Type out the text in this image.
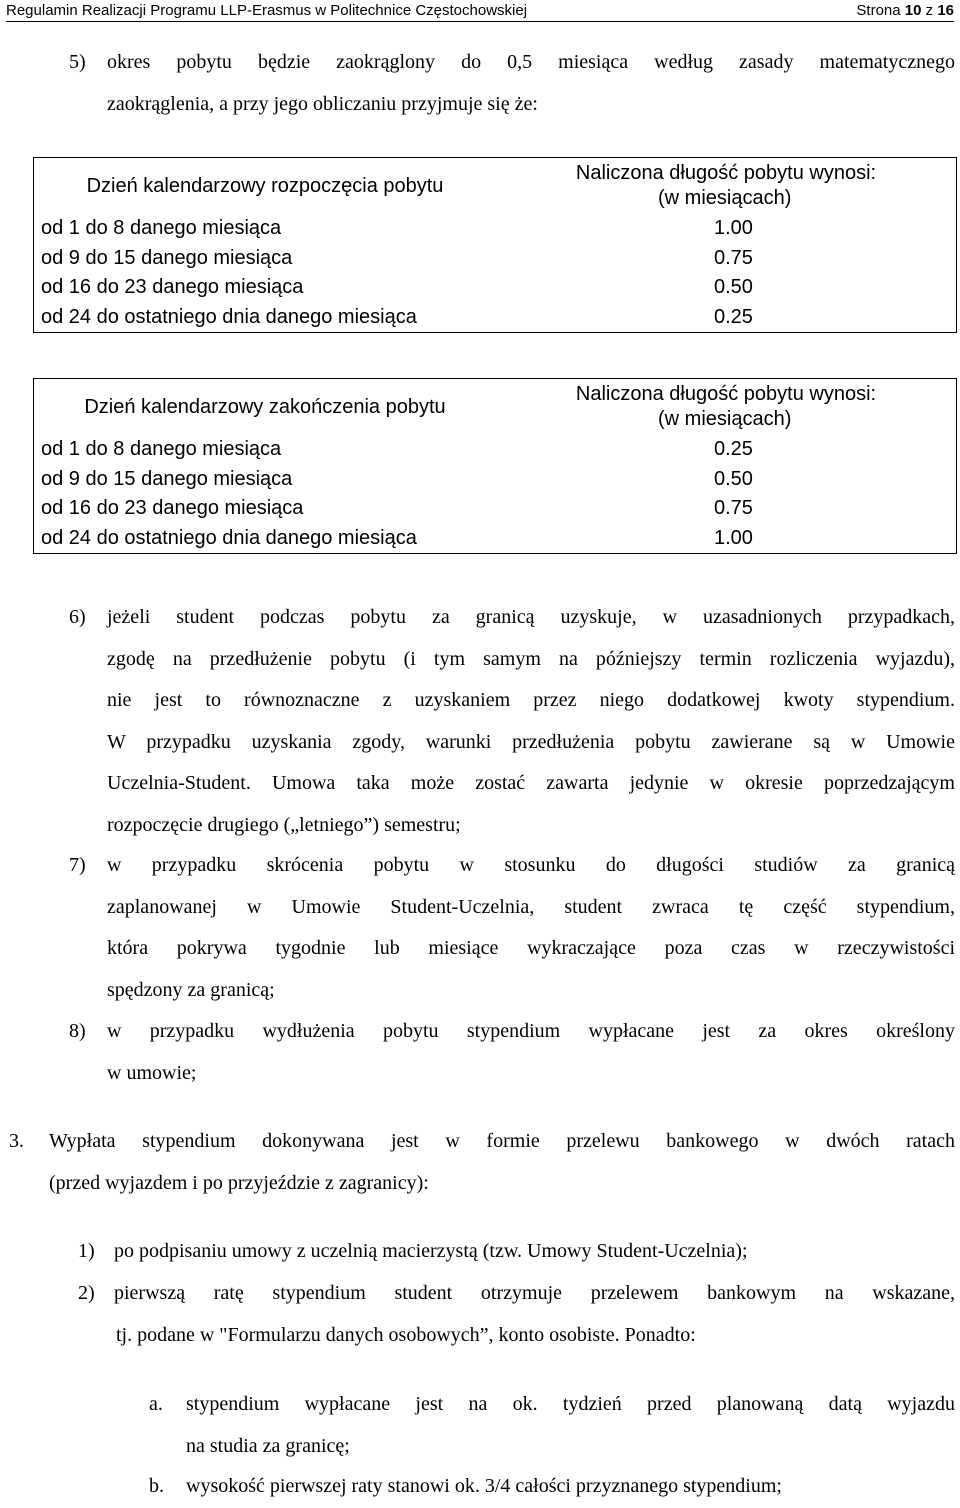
Regulamin Realizacji Programu LLP-Erasmus w Politechnice Częstochowskiej	Strona 10 z 16
5)	okres pobytu będzie zaokrąglony do 0,5 miesiąca według zasady matematycznego
zaokrąglenia, a przy jego obliczaniu przyjmuje się że:
Dzień kalendarzowy rozpoczęcia pobytu	Naliczona długość pobytu wynosi:
(w miesiącach)

od 1 do 8 danego miesiąca	1.00
od 9 do 15 danego miesiąca	0.75
od 16 do 23 danego miesiąca	0.50
od 24 do ostatniego dnia danego miesiąca	0.25
Dzień kalendarzowy zakończenia pobytu	Naliczona długość pobytu wynosi:
(w miesiącach)

od 1 do 8 danego miesiąca	0.25
od 9 do 15 danego miesiąca	0.50
od 16 do 23 danego miesiąca	0.75
od 24 do ostatniego dnia danego miesiąca	1.00
6) jeżeli student podczas pobytu za granicą uzyskuje, w uzasadnionych przypadkach,
zgodę na przedłużenie pobytu (i tym samym na późniejszy termin rozliczenia wyjazdu),
nie jest to równoznaczne z uzyskaniem przez niego dodatkowej kwoty stypendium.
W przypadku uzyskania zgody, warunki przedłużenia pobytu zawierane są w Umowie
Uczelnia-Student. Umowa taka może zostać zawarta jedynie w okresie poprzedzającym
rozpoczęcie drugiego („letniego”) semestru;
7) w przypadku skrócenia pobytu w stosunku do długości studiów za granicą
zaplanowanej w Umowie Student-Uczelnia, student zwraca tę część stypendium,
która pokrywa tygodnie lub miesiące wykraczające poza czas w rzeczywistości
spędzony za granicą;
8) w przypadku wydłużenia pobytu stypendium wypłacane jest za okres określony
w umowie;
3. Wypłata stypendium dokonywana jest w formie przelewu bankowego w dwóch ratach
(przed wyjazdem i po przyjeździe z zagranicy):
1) po podpisaniu umowy z uczelnią macierzystą (tzw. Umowy Student-Uczelnia);
2) pierwszą ratę stypendium student otrzymuje przelewem bankowym na wskazane,
tj. podane w "Formularzu danych osobowych”, konto osobiste. Ponadto:
a. stypendium wypłacane jest na ok. tydzień przed planowaną datą wyjazdu
na studia za granicę;
b. wysokość pierwszej raty stanowi ok. 3/4 całości przyznanego stypendium;
